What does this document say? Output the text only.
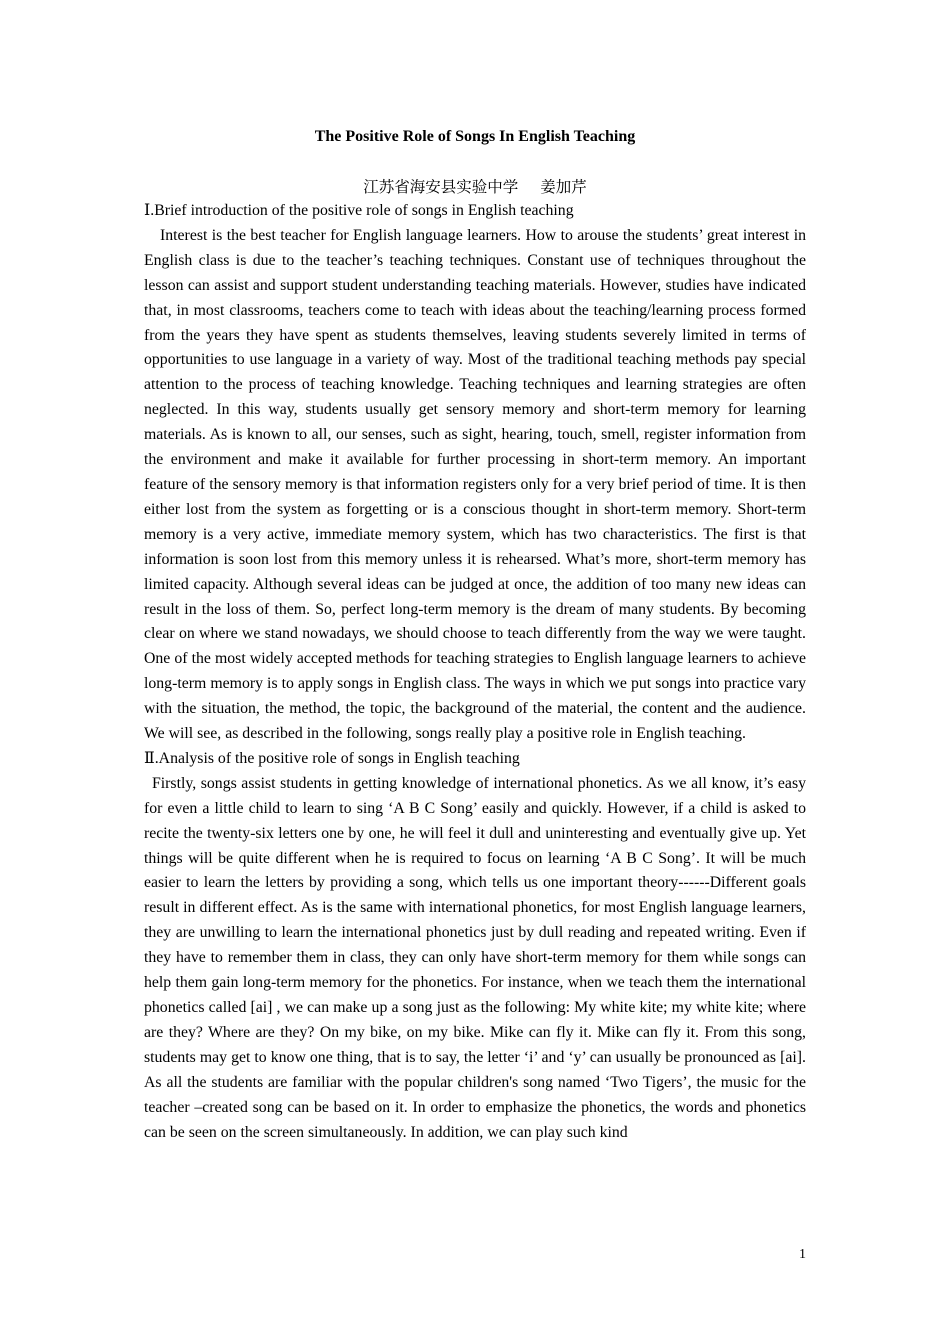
The Positive Role of Songs In English Teaching
江苏省海安县实验中学 姜加芹
Ⅰ.Brief introduction of the positive role of songs in English teaching

Interest is the best teacher for English language learners. How to arouse the students’ great interest in English class is due to the teacher’s teaching techniques. Constant use of techniques throughout the lesson can assist and support student understanding teaching materials. However, studies have indicated that, in most classrooms, teachers come to teach with ideas about the teaching/learning process formed from the years they have spent as students themselves, leaving students severely limited in terms of opportunities to use language in a variety of way. Most of the traditional teaching methods pay special attention to the process of teaching knowledge. Teaching techniques and learning strategies are often neglected. In this way, students usually get sensory memory and short-term memory for learning materials. As is known to all, our senses, such as sight, hearing, touch, smell, register information from the environment and make it available for further processing in short-term memory. An important feature of the sensory memory is that information registers only for a very brief period of time. It is then either lost from the system as forgetting or is a conscious thought in short-term memory. Short-term memory is a very active, immediate memory system, which has two characteristics. The first is that information is soon lost from this memory unless it is rehearsed. What’s more, short-term memory has limited capacity. Although several ideas can be judged at once, the addition of too many new ideas can result in the loss of them. So, perfect long-term memory is the dream of many students. By becoming clear on where we stand nowadays, we should choose to teach differently from the way we were taught. One of the most widely accepted methods for teaching strategies to English language learners to achieve long-term memory is to apply songs in English class. The ways in which we put songs into practice vary with the situation, the method, the topic, the background of the material, the content and the audience. We will see, as described in the following, songs really play a positive role in English teaching.

Ⅱ.Analysis of the positive role of songs in English teaching

Firstly, songs assist students in getting knowledge of international phonetics. As we all know, it’s easy for even a little child to learn to sing ‘A B C Song’ easily and quickly. However, if a child is asked to recite the twenty-six letters one by one, he will feel it dull and uninteresting and eventually give up. Yet things will be quite different when he is required to focus on learning ‘A B C Song’. It will be much easier to learn the letters by providing a song, which tells us one important theory------Different goals result in different effect. As is the same with international phonetics, for most English language learners, they are unwilling to learn the international phonetics just by dull reading and repeated writing. Even if they have to remember them in class, they can only have short-term memory for them while songs can help them gain long-term memory for the phonetics. For instance, when we teach them the international phonetics called [ai] , we can make up a song just as the following: My white kite; my white kite; where are they? Where are they? On my bike, on my bike. Mike can fly it. Mike can fly it. From this song, students may get to know one thing, that is to say, the letter ‘i’ and ‘y’ can usually be pronounced as [ai]. As all the students are familiar with the popular children's song named ‘Two Tigers’, the music for the teacher –created song can be based on it. In order to emphasize the phonetics, the words and phonetics can be seen on the screen simultaneously. In addition, we can play such kind

1
